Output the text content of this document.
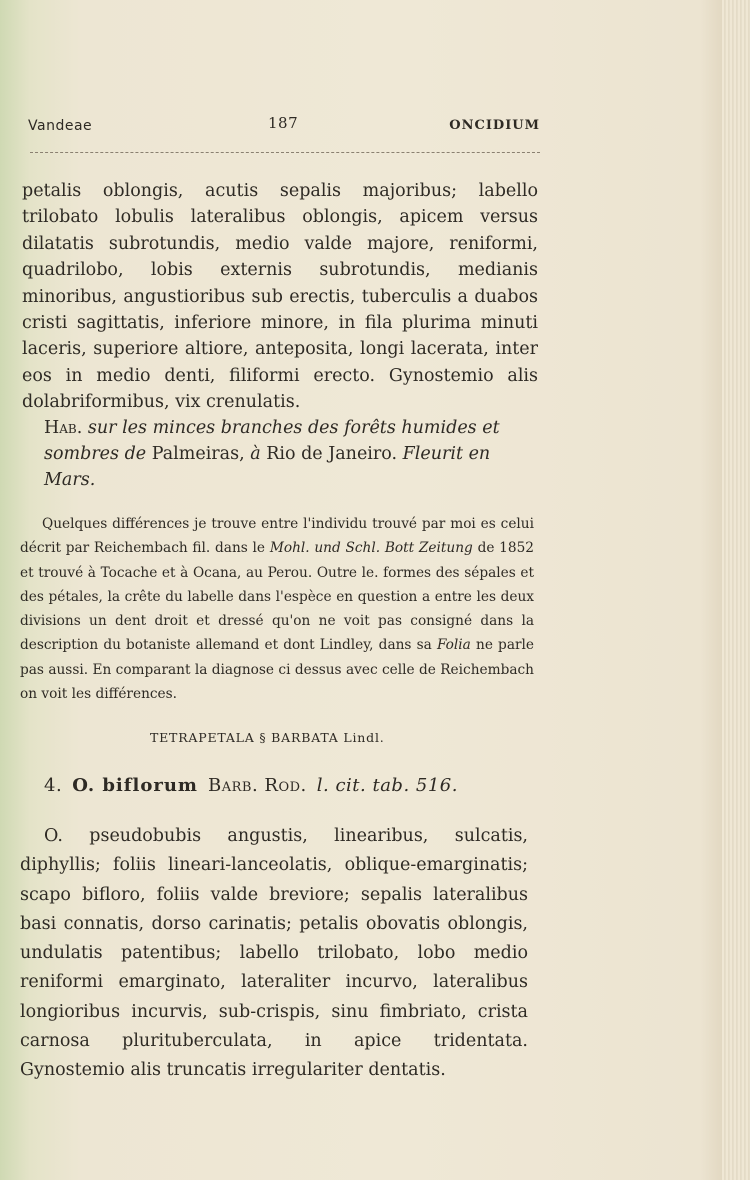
Vandeae	187	ONCIDIUM

petalis oblongis, acutis sepalis majoribus; labello trilobato lobulis lateralibus oblongis, apicem versus dilatatis subrotundis, medio valde majore, reniformi, quadrilobo, lobis externis subrotundis, medianis minoribus, angustioribus sub erectis, tuberculis a duabos cristi sagittatis, inferiore minore, in fila plurima minuti laceris, superiore altiore, anteposita, longi lacerata, inter eos in medio denti, filiformi erecto. Gynostemio alis dolabriformibus, vix crenulatis.

Hab. sur les minces branches des forêts humides et sombres de Palmeiras, à Rio de Janeiro. Fleurit en Mars.

Quelques différences je trouve entre l'individu trouvé par moi es celui décrit par Reichembach fil. dans le Mohl. und Schl. Bott Zeitung de 1852 et trouvé à Tocache et à Ocana, au Perou. Outre le. formes des sépales et des pétales, la crête du labelle dans l'espèce en question a entre les deux divisions un dent droit et dressé qu'on ne voit pas consigné dans la description du botaniste allemand et dont Lindley, dans sa Folia ne parle pas aussi. En comparant la diagnose ci dessus avec celle de Reichembach on voit les différences.

TETRAPETALA § BARBATA Lindl.
4. O. biflorum Barb. Rod. l. cit. tab. 516.

O. pseudobubis angustis, linearibus, sulcatis, diphyllis; foliis lineari-lanceolatis, oblique-emarginatis; scapo bifloro, foliis valde breviore; sepalis lateralibus basi connatis, dorso carinatis; petalis obovatis oblongis, undulatis patentibus; labello trilobato, lobo medio reniformi emarginato, lateraliter incurvo, lateralibus longioribus incurvis, sub-crispis, sinu fimbriato, crista carnosa plurituberculata, in apice tridentata. Gynostemio alis truncatis irregulariter dentatis.
